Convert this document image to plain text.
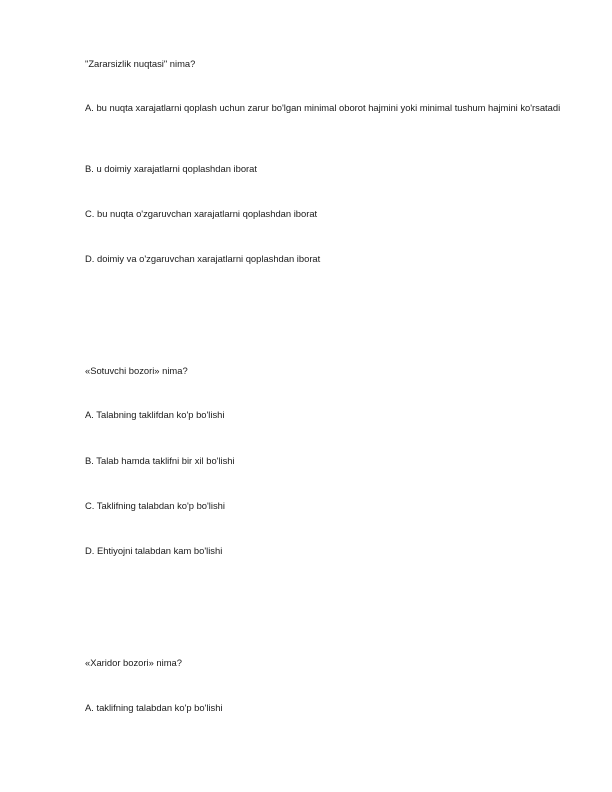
"Zararsizlik nuqtasi" nima?
A. bu nuqta xarajatlarni qoplash uchun zarur bo'lgan minimal oborot hajmini yoki minimal tushum hajmini ko'rsatadi
B. u doimiy xarajatlarni qoplashdan iborat
C. bu nuqta o'zgaruvchan xarajatlarni qoplashdan iborat
D. doimiy va o'zgaruvchan xarajatlarni qoplashdan iborat
«Sotuvchi bozori» nima?
A. Talabning taklifdan ko'p bo'lishi
B. Talab hamda taklifni bir xil bo'lishi
C. Taklifning talabdan ko'p bo'lishi
D. Ehtiyojni talabdan kam bo'lishi
«Xaridor bozori» nima?
A. taklifning talabdan ko'p bo'lishi
